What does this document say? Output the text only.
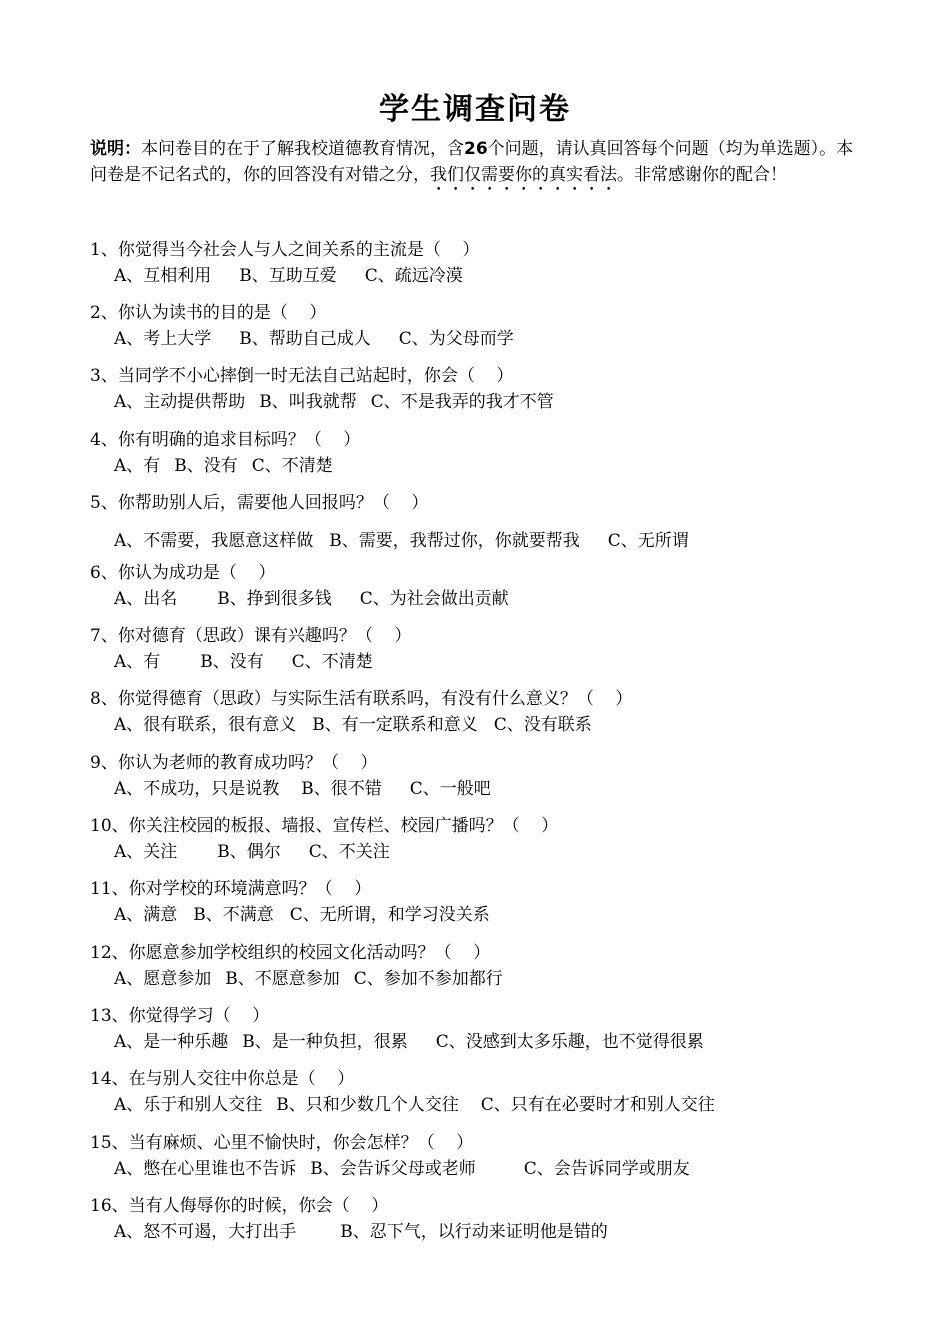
学生调查问卷
说明：本问卷目的在于了解我校道德教育情况，含26个问题，请认真回答每个问题（均为单选题）。本问卷是不记名式的，你的回答没有对错之分，我们仅需要你的真实看法。非常感谢你的配合！
1、你觉得当今社会人与人之间关系的主流是（    ）
A、互相利用 B、互助互爱 C、疏远冷漠
2、你认为读书的目的是（    ）
A、考上大学 B、帮助自己成人 C、为父母而学
3、当同学不小心摔倒一时无法自己站起时，你会（    ）
A、主动提供帮助 B、叫我就帮 C、不是我弄的我才不管
4、你有明确的追求目标吗？（    ）
A、有 B、没有 C、不清楚
5、你帮助别人后，需要他人回报吗？（    ）
A、不需要，我愿意这样做 B、需要，我帮过你，你就要帮我 C、无所谓
6、你认为成功是（    ）
A、出名 B、挣到很多钱 C、为社会做出贡献
7、你对德育（思政）课有兴趣吗？（    ）
A、有 B、没有 C、不清楚
8、你觉得德育（思政）与实际生活有联系吗，有没有什么意义？（    ）
A、很有联系，很有意义 B、有一定联系和意义 C、没有联系
9、你认为老师的教育成功吗？（    ）
A、不成功，只是说教 B、很不错 C、一般吧
10、你关注校园的板报、墙报、宣传栏、校园广播吗？（    ）
A、关注 B、偶尔 C、不关注
11、你对学校的环境满意吗？（    ）
A、满意 B、不满意 C、无所谓，和学习没关系
12、你愿意参加学校组织的校园文化活动吗？（    ）
A、愿意参加 B、不愿意参加 C、参加不参加都行
13、你觉得学习（    ）
A、是一种乐趣 B、是一种负担，很累 C、没感到太多乐趣，也不觉得很累
14、在与别人交往中你总是（    ）
A、乐于和别人交往 B、只和少数几个人交往 C、只有在必要时才和别人交往
15、当有麻烦、心里不愉快时，你会怎样？（    ）
A、憋在心里谁也不告诉 B、会告诉父母或老师	C、会告诉同学或朋友
16、当有人侮辱你的时候，你会（    ）
A、怒不可遏，大打出手	B、忍下气，以行动来证明他是错的
